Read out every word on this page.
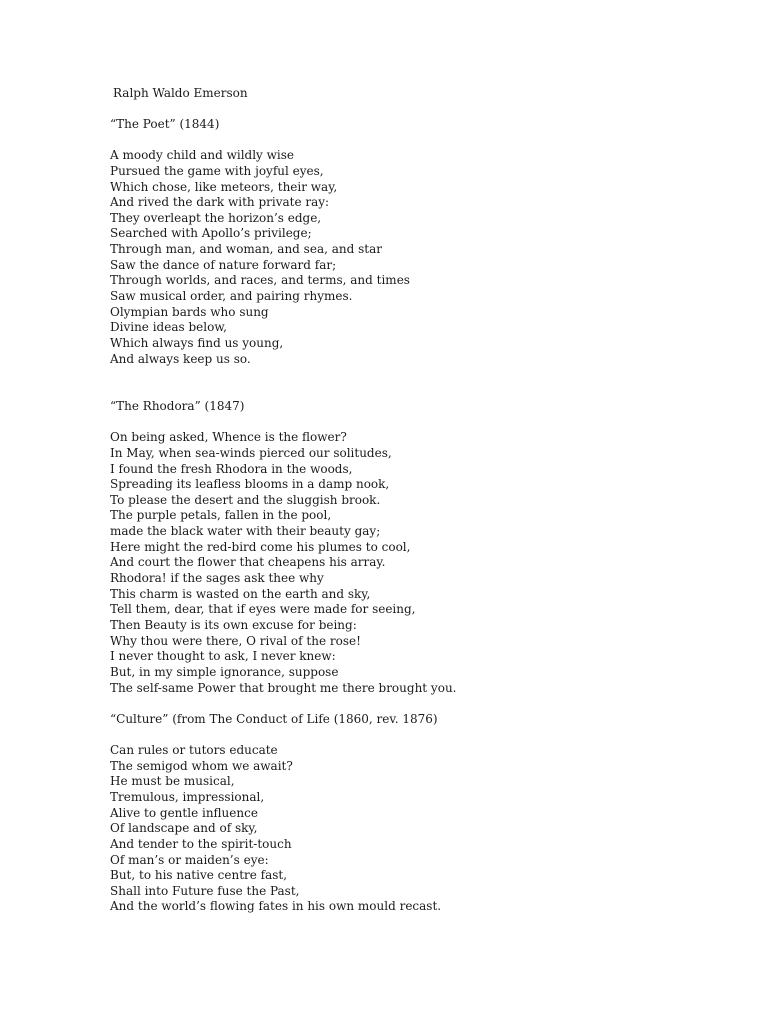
Ralph Waldo Emerson
“The Poet” (1844)
A moody child and wildly wise
Pursued the game with joyful eyes,
Which chose, like meteors, their way,
And rived the dark with private ray:
They overleapt the horizon’s edge,
Searched with Apollo’s privilege;
Through man, and woman, and sea, and star
Saw the dance of nature forward far;
Through worlds, and races, and terms, and times
Saw musical order, and pairing rhymes.
Olympian bards who sung
Divine ideas below,
Which always find us young,
And always keep us so.
“The Rhodora” (1847)
On being asked, Whence is the flower?
In May, when sea-winds pierced our solitudes,
I found the fresh Rhodora in the woods,
Spreading its leafless blooms in a damp nook,
To please the desert and the sluggish brook.
The purple petals, fallen in the pool,
made the black water with their beauty gay;
Here might the red-bird come his plumes to cool,
And court the flower that cheapens his array.
Rhodora! if the sages ask thee why
This charm is wasted on the earth and sky,
Tell them, dear, that if eyes were made for seeing,
Then Beauty is its own excuse for being:
Why thou were there, O rival of the rose!
I never thought to ask, I never knew:
But, in my simple ignorance, suppose
The self-same Power that brought me there brought you.
“Culture” (from The Conduct of Life (1860, rev. 1876)
Can rules or tutors educate
The semigod whom we await?
He must be musical,
Tremulous, impressional,
Alive to gentle influence
Of landscape and of sky,
And tender to the spirit-touch
Of man’s or maiden’s eye:
But, to his native centre fast,
Shall into Future fuse the Past,
And the world’s flowing fates in his own mould recast.
